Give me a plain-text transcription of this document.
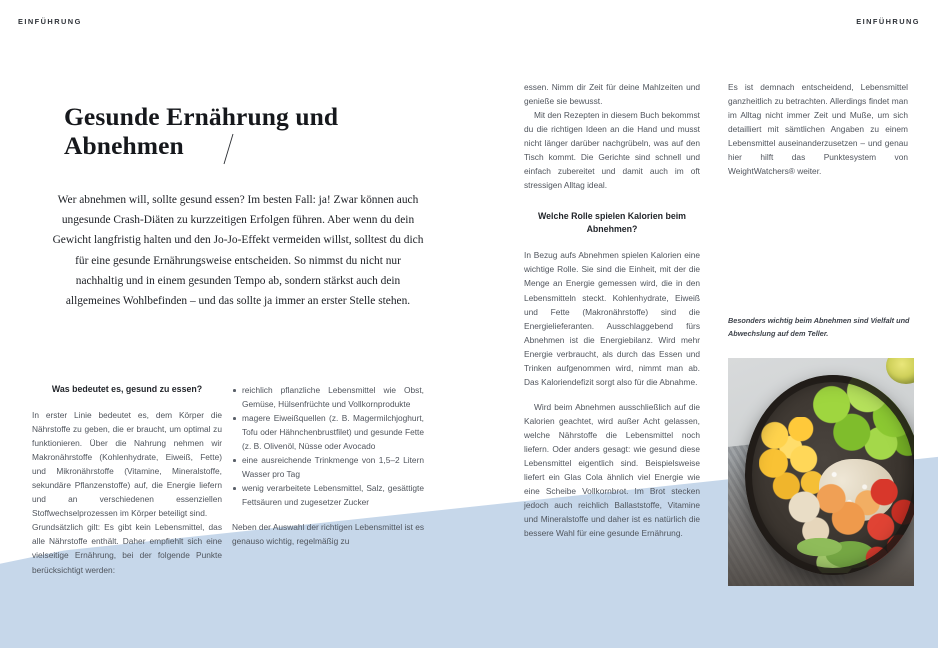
EINFÜHRUNG	EINFÜHRUNG
Gesunde Ernährung und Abnehmen
Wer abnehmen will, sollte gesund essen? Im besten Fall: ja! Zwar können auch ungesunde Crash-Diäten zu kurzzeitigen Erfolgen führen. Aber wenn du dein Gewicht langfristig halten und den Jo-Jo-Effekt vermeiden willst, solltest du dich für eine gesunde Ernährungsweise entscheiden. So nimmst du nicht nur nachhaltig und in einem gesunden Tempo ab, sondern stärkst auch dein allgemeines Wohlbefinden – und das sollte ja immer an erster Stelle stehen.
Was bedeutet es, gesund zu essen?

In erster Linie bedeutet es, dem Körper die Nährstoffe zu geben, die er braucht, um optimal zu funktionieren. Über die Nahrung nehmen wir Makronährstoffe (Kohlenhydrate, Eiweiß, Fette) und Mikronährstoffe (Vitamine, Mineralstoffe, sekundäre Pflanzenstoffe) auf, die Energie liefern und an verschiedenen essenziellen Stoffwechselprozessen im Körper beteiligt sind.

Grundsätzlich gilt: Es gibt kein Lebensmittel, das alle Nährstoffe enthält. Daher empfiehlt sich eine vielseitige Ernährung, bei der folgende Punkte berücksichtigt werden:

reichlich pflanzliche Lebensmittel wie Obst, Gemüse, Hülsenfrüchte und Vollkornprodukte
magere Eiweißquellen (z. B. Magermilchjoghurt, Tofu oder Hähnchenbrustfilet) und gesunde Fette (z. B. Olivenöl, Nüsse oder Avocado
eine ausreichende Trinkmenge von 1,5–2 Litern Wasser pro Tag
wenig verarbeitete Lebensmittel, Salz, gesättigte Fettsäuren und zugesetzer Zucker

Neben der Auswahl der richtigen Lebensmittel ist es genauso wichtig, regelmäßig zu

essen. Nimm dir Zeit für deine Mahlzeiten und genieße sie bewusst.

Mit den Rezepten in diesem Buch bekommst du die richtigen Ideen an die Hand und musst nicht länger darüber nachgrübeln, was auf den Tisch kommt. Die Gerichte sind schnell und einfach zubereitet und damit auch im oft stressigen Alltag ideal.

Welche Rolle spielen Kalorien beim Abnehmen?

In Bezug aufs Abnehmen spielen Kalorien eine wichtige Rolle. Sie sind die Einheit, mit der die Menge an Energie gemessen wird, die in den Lebensmitteln steckt. Kohlenhydrate, Eiweiß und Fette (Makronährstoffe) sind die Energielieferanten. Ausschlaggebend fürs Abnehmen ist die Energiebilanz. Wird mehr Energie verbraucht, als durch das Essen und Trinken aufgenommen wird, nimmt man ab. Das Kaloriendefizit sorgt also für die Abnahme.

Wird beim Abnehmen ausschließlich auf die Kalorien geachtet, wird außer Acht gelassen, welche Nährstoffe die Lebensmittel noch liefern. Oder anders gesagt: wie gesund diese Lebensmittel eigentlich sind. Beispielsweise liefert ein Glas Cola ähnlich viel Energie wie eine Scheibe Vollkornbrot. Im Brot stecken jedoch auch reichlich Ballaststoffe, Vitamine und Mineralstoffe und daher ist es natürlich die bessere Wahl für eine gesunde Ernährung.

Es ist demnach entscheidend, Lebensmittel ganzheitlich zu betrachten. Allerdings findet man im Alltag nicht immer Zeit und Muße, um sich detailliert mit sämtlichen Angaben zu einem Lebensmittel auseinanderzusetzen – und genau hier hilft das Punktesystem von WeightWatchers® weiter.

Besonders wichtig beim Abnehmen sind Vielfalt und Abwechslung auf dem Teller.
